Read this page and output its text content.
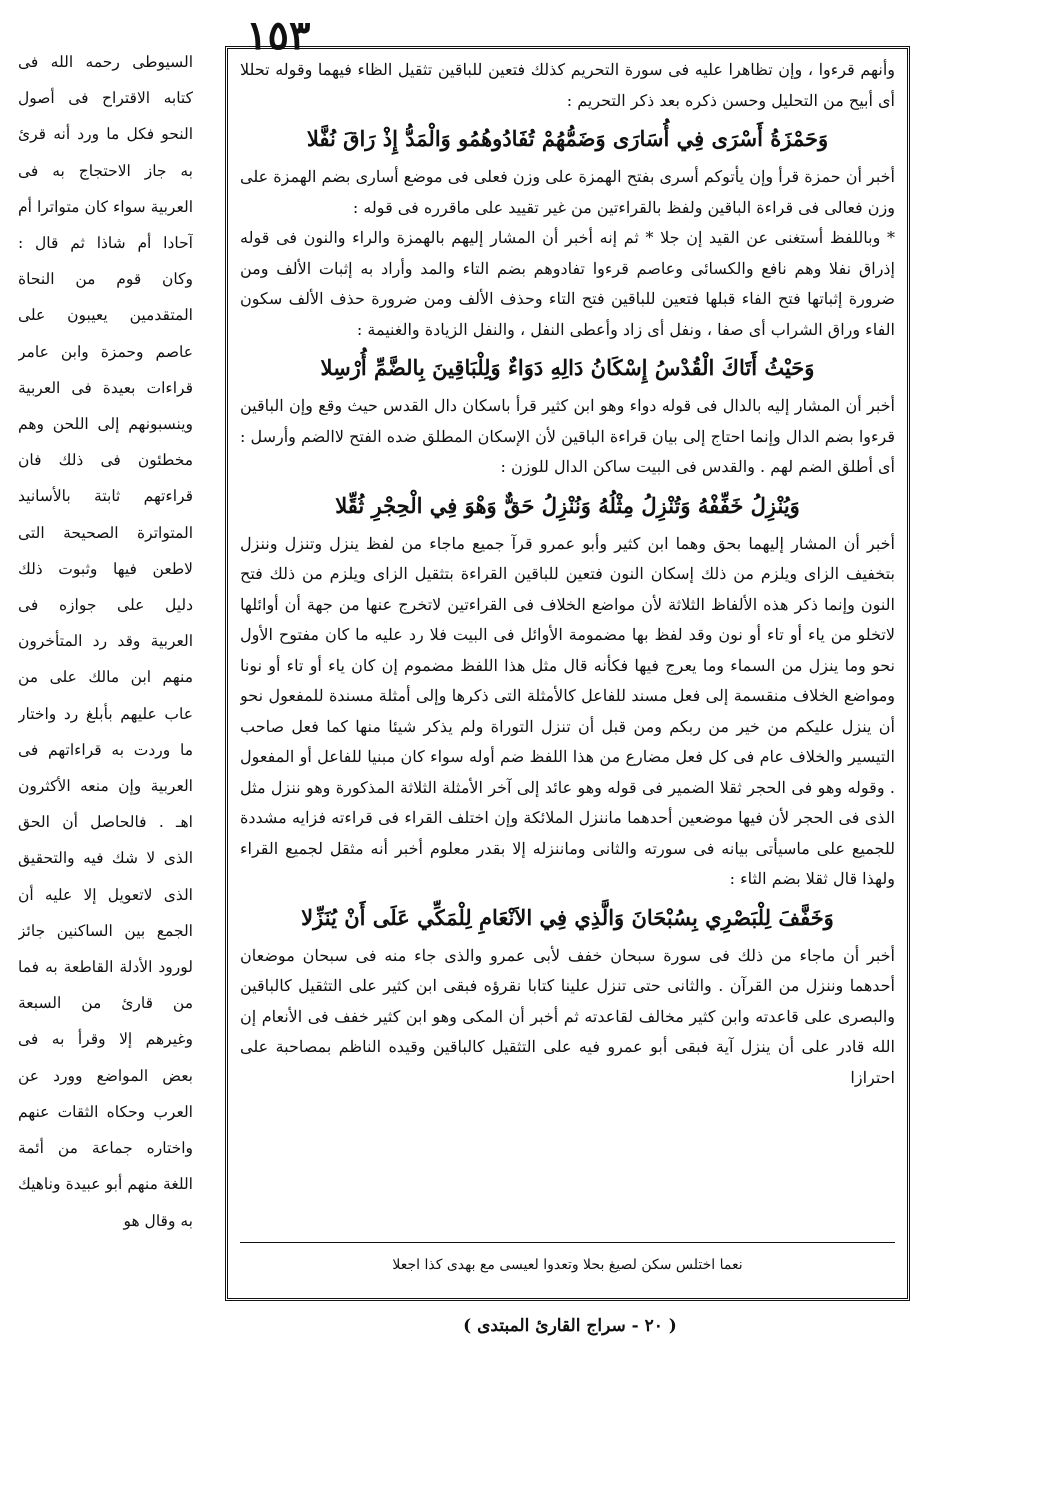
١٥٣

السيوطى رحمه الله فى كتابه الاقتراح فى أصول النحو فكل ما ورد أنه قرئ به جاز الاحتجاج به فى العربية سواء كان متواترا أم آحادا أم شاذا ثم قال : وكان قوم من النحاة المتقدمين يعيبون على عاصم وحمزة وابن عامر قراءات بعيدة فى العربية وينسبونهم إلى اللحن وهم مخطئون فى ذلك فان قراءتهم ثابتة بالأسانيد المتواترة الصحيحة التى لاطعن فيها وثبوت ذلك دليل على جوازه فى العربية وقد رد المتأخرون منهم ابن مالك على من عاب عليهم بأبلغ رد واختار ما وردت به قراءاتهم فى العربية وإن منعه الأكثرون اهـ . فالحاصل أن الحق الذى لا شك فيه والتحقيق الذى لاتعويل إلا عليه أن الجمع بين الساكنين جائز لورود الأدلة القاطعة به فما من قارئ من السبعة وغيرهم إلا وقرأ به فى بعض المواضع وورد عن العرب وحكاه الثقات عنهم واختاره جماعة من أئمة اللغة منهم أبو عبيدة وناهيك به وقال هو

وأنهم قرءوا ، وإن تظاهرا عليه فى سورة التحريم كذلك فتعين للباقين تثقيل الظاء فيهما وقوله تحللا أى أبيح من التحليل وحسن ذكره بعد ذكر التحريم :

وَحَمْزَةُ أَسْرَى فِي أُسَارَى وَضَمُّهُمْ تُفَادُوهُمُو وَالْمَدُّ إِذْ رَاقَ نُفَّلا

أخبر أن حمزة قرأ وإن يأتوكم أسرى بفتح الهمزة على وزن فعلى فى موضع أسارى بضم الهمزة على وزن فعالى فى قراءة الباقين ولفظ بالقراءتين من غير تقييد على ماقرره فى قوله :

* وباللفظ أستغنى عن القيد إن جلا * ثم إنه أخبر أن المشار إليهم بالهمزة والراء والنون فى قوله إذراق نفلا وهم نافع والكسائى وعاصم قرءوا تفادوهم بضم التاء والمد وأراد به إثبات الألف ومن ضرورة إثباتها فتح الفاء قبلها فتعين للباقين فتح التاء وحذف الألف ومن ضرورة حذف الألف سكون الفاء وراق الشراب أى صفا ، ونفل أى زاد وأعطى النفل ، والنفل الزيادة والغنيمة :

وَحَيْثُ أَتَاكَ الْقُدْسُ إِسْكَانُ دَالِهِ دَوَاءٌ وَلِلْبَاقِينَ بِالضَّمِّ أُرْسِلا

أخبر أن المشار إليه بالدال فى قوله دواء وهو ابن كثير قرأ باسكان دال القدس حيث وقع وإن الباقين قرءوا بضم الدال وإنما احتاج إلى بيان قراءة الباقين لأن الإسكان المطلق ضده الفتح لاالضم وأرسل : أى أطلق الضم لهم . والقدس فى البيت ساكن الدال للوزن :

وَيُنْزِلُ خَفِّفْهُ وَتُنْزِلُ مِثْلُهُ وَنُنْزِلُ حَقٌّ وَهْوَ فِي الْحِجْرِ ثُقِّلا

أخبر أن المشار إليهما بحق وهما ابن كثير وأبو عمرو قرآ جميع ماجاء من لفظ ينزل وتنزل وننزل بتخفيف الزاى ويلزم من ذلك إسكان النون فتعين للباقين القراءة بتثقيل الزاى ويلزم من ذلك فتح النون وإنما ذكر هذه الألفاظ الثلاثة لأن مواضع الخلاف فى القراءتين لاتخرج عنها من جهة أن أوائلها لاتخلو من ياء أو تاء أو نون وقد لفظ بها مضمومة الأوائل فى البيت فلا رد عليه ما كان مفتوح الأول نحو وما ينزل من السماء وما يعرج فيها فكأنه قال مثل هذا اللفظ مضموم إن كان ياء أو تاء أو نونا ومواضع الخلاف منقسمة إلى فعل مسند للفاعل كالأمثلة التى ذكرها وإلى أمثلة مسندة للمفعول نحو أن ينزل عليكم من خير من ربكم ومن قبل أن تنزل التوراة ولم يذكر شيئا منها كما فعل صاحب التيسير والخلاف عام فى كل فعل مضارع من هذا اللفظ ضم أوله سواء كان مبنيا للفاعل أو المفعول . وقوله وهو فى الحجر ثقلا الضمير فى قوله وهو عائد إلى آخر الأمثلة الثلاثة المذكورة وهو ننزل مثل الذى فى الحجر لأن فيها موضعين أحدهما ماننزل الملائكة وإن اختلف القراء فى قراءته فزايه مشددة للجميع على ماسيأتى بيانه فى سورته والثانى وماننزله إلا بقدر معلوم أخبر أنه مثقل لجميع القراء ولهذا قال ثقلا بضم الثاء :

وَخَفَّفَ لِلْبَصْرِي بِسُبْحَانَ وَالَّذِي فِي الاَنْعَامِ لِلْمَكِّي عَلَى أَنْ يُنَزِّلا

أخبر أن ماجاء من ذلك فى سورة سبحان خفف لأبى عمرو والذى جاء منه فى سبحان موضعان أحدهما وننزل من القرآن . والثانى حتى تنزل علينا كتابا نقرؤه فبقى ابن كثير على التثقيل كالباقين والبصرى على قاعدته وابن كثير مخالف لقاعدته ثم أخبر أن المكى وهو ابن كثير خفف فى الأنعام إن الله قادر على أن ينزل آية فبقى أبو عمرو فيه على التثقيل كالباقين وقيده الناظم بمصاحبة على احترازا

نعما اختلس سكن لصيغ بحلا وتعدوا لعيسى مع بهدى كذا اجعلا
( ٢٠ - سراج القارئ المبتدى )
